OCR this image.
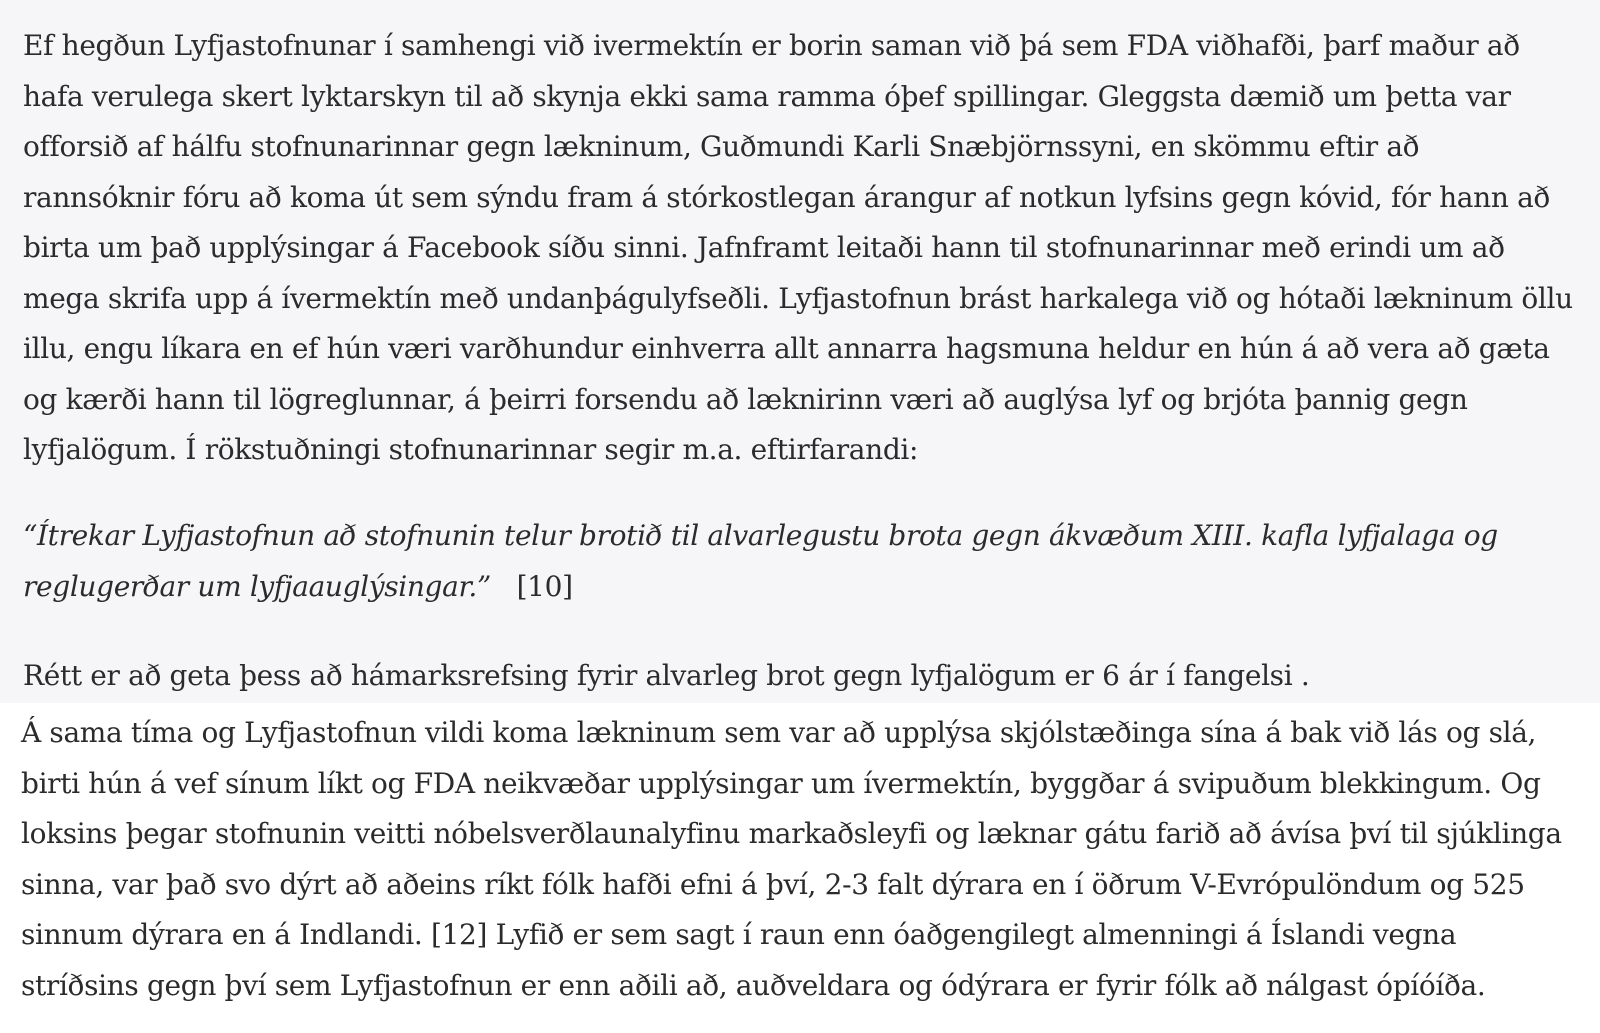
Ef hegðun Lyfjastofnunar í samhengi við ivermektín er borin saman við þá sem FDA viðhafði, þarf maður að hafa verulega skert lyktarskyn til að skynja ekki sama ramma óþef spillingar. Gleggsta dæmið um þetta var offorsið af hálfu stofnunarinnar gegn lækninum, Guðmundi Karli Snæbjörnssyni, en skömmu eftir að rannsóknir fóru að koma út sem sýndu fram á stórkostlegan árangur af notkun lyfsins gegn kóvid, fór hann að birta um það upplýsingar á Facebook síðu sinni. Jafnframt leitaði hann til stofnunarinnar með erindi um að mega skrifa upp á ívermektín með undanþágulyfseðli. Lyfjastofnun brást harkalega við og hótaði lækninum öllu illu, engu líkara en ef hún væri varðhundur einhverra allt annarra hagsmuna heldur en hún á að vera að gæta og kærði hann til lögreglunnar, á þeirri forsendu að læknirinn væri að auglýsa lyf og brjóta þannig gegn lyfjalögum. Í rökstuðningi stofnunarinnar segir m.a. eftirfarandi:

“Ítrekar Lyfjastofnun að stofnunin telur brotið til alvarlegustu brota gegn ákvæðum XIII. kafla lyfjalaga og reglugerðar um lyfjaauglýsingar.” [10]

Rétt er að geta þess að hámarksrefsing fyrir alvarleg brot gegn lyfjalögum er 6 ár í fangelsi .

Á sama tíma og Lyfjastofnun vildi koma lækninum sem var að upplýsa skjólstæðinga sína á bak við lás og slá, birti hún á vef sínum líkt og FDA neikvæðar upplýsingar um ívermektín, byggðar á svipuðum blekkingum. Og loksins þegar stofnunin veitti nóbelsverðlaunalyfinu markaðsleyfi og læknar gátu farið að ávísa því til sjúklinga sinna, var það svo dýrt að aðeins ríkt fólk hafði efni á því, 2-3 falt dýrara en í öðrum V-Evrópulöndum og 525 sinnum dýrara en á Indlandi. [12] Lyfið er sem sagt í raun enn óaðgengilegt almenningi á Íslandi vegna stríðsins gegn því sem Lyfjastofnun er enn aðili að, auðveldara og ódýrara er fyrir fólk að nálgast ópíóíða.
